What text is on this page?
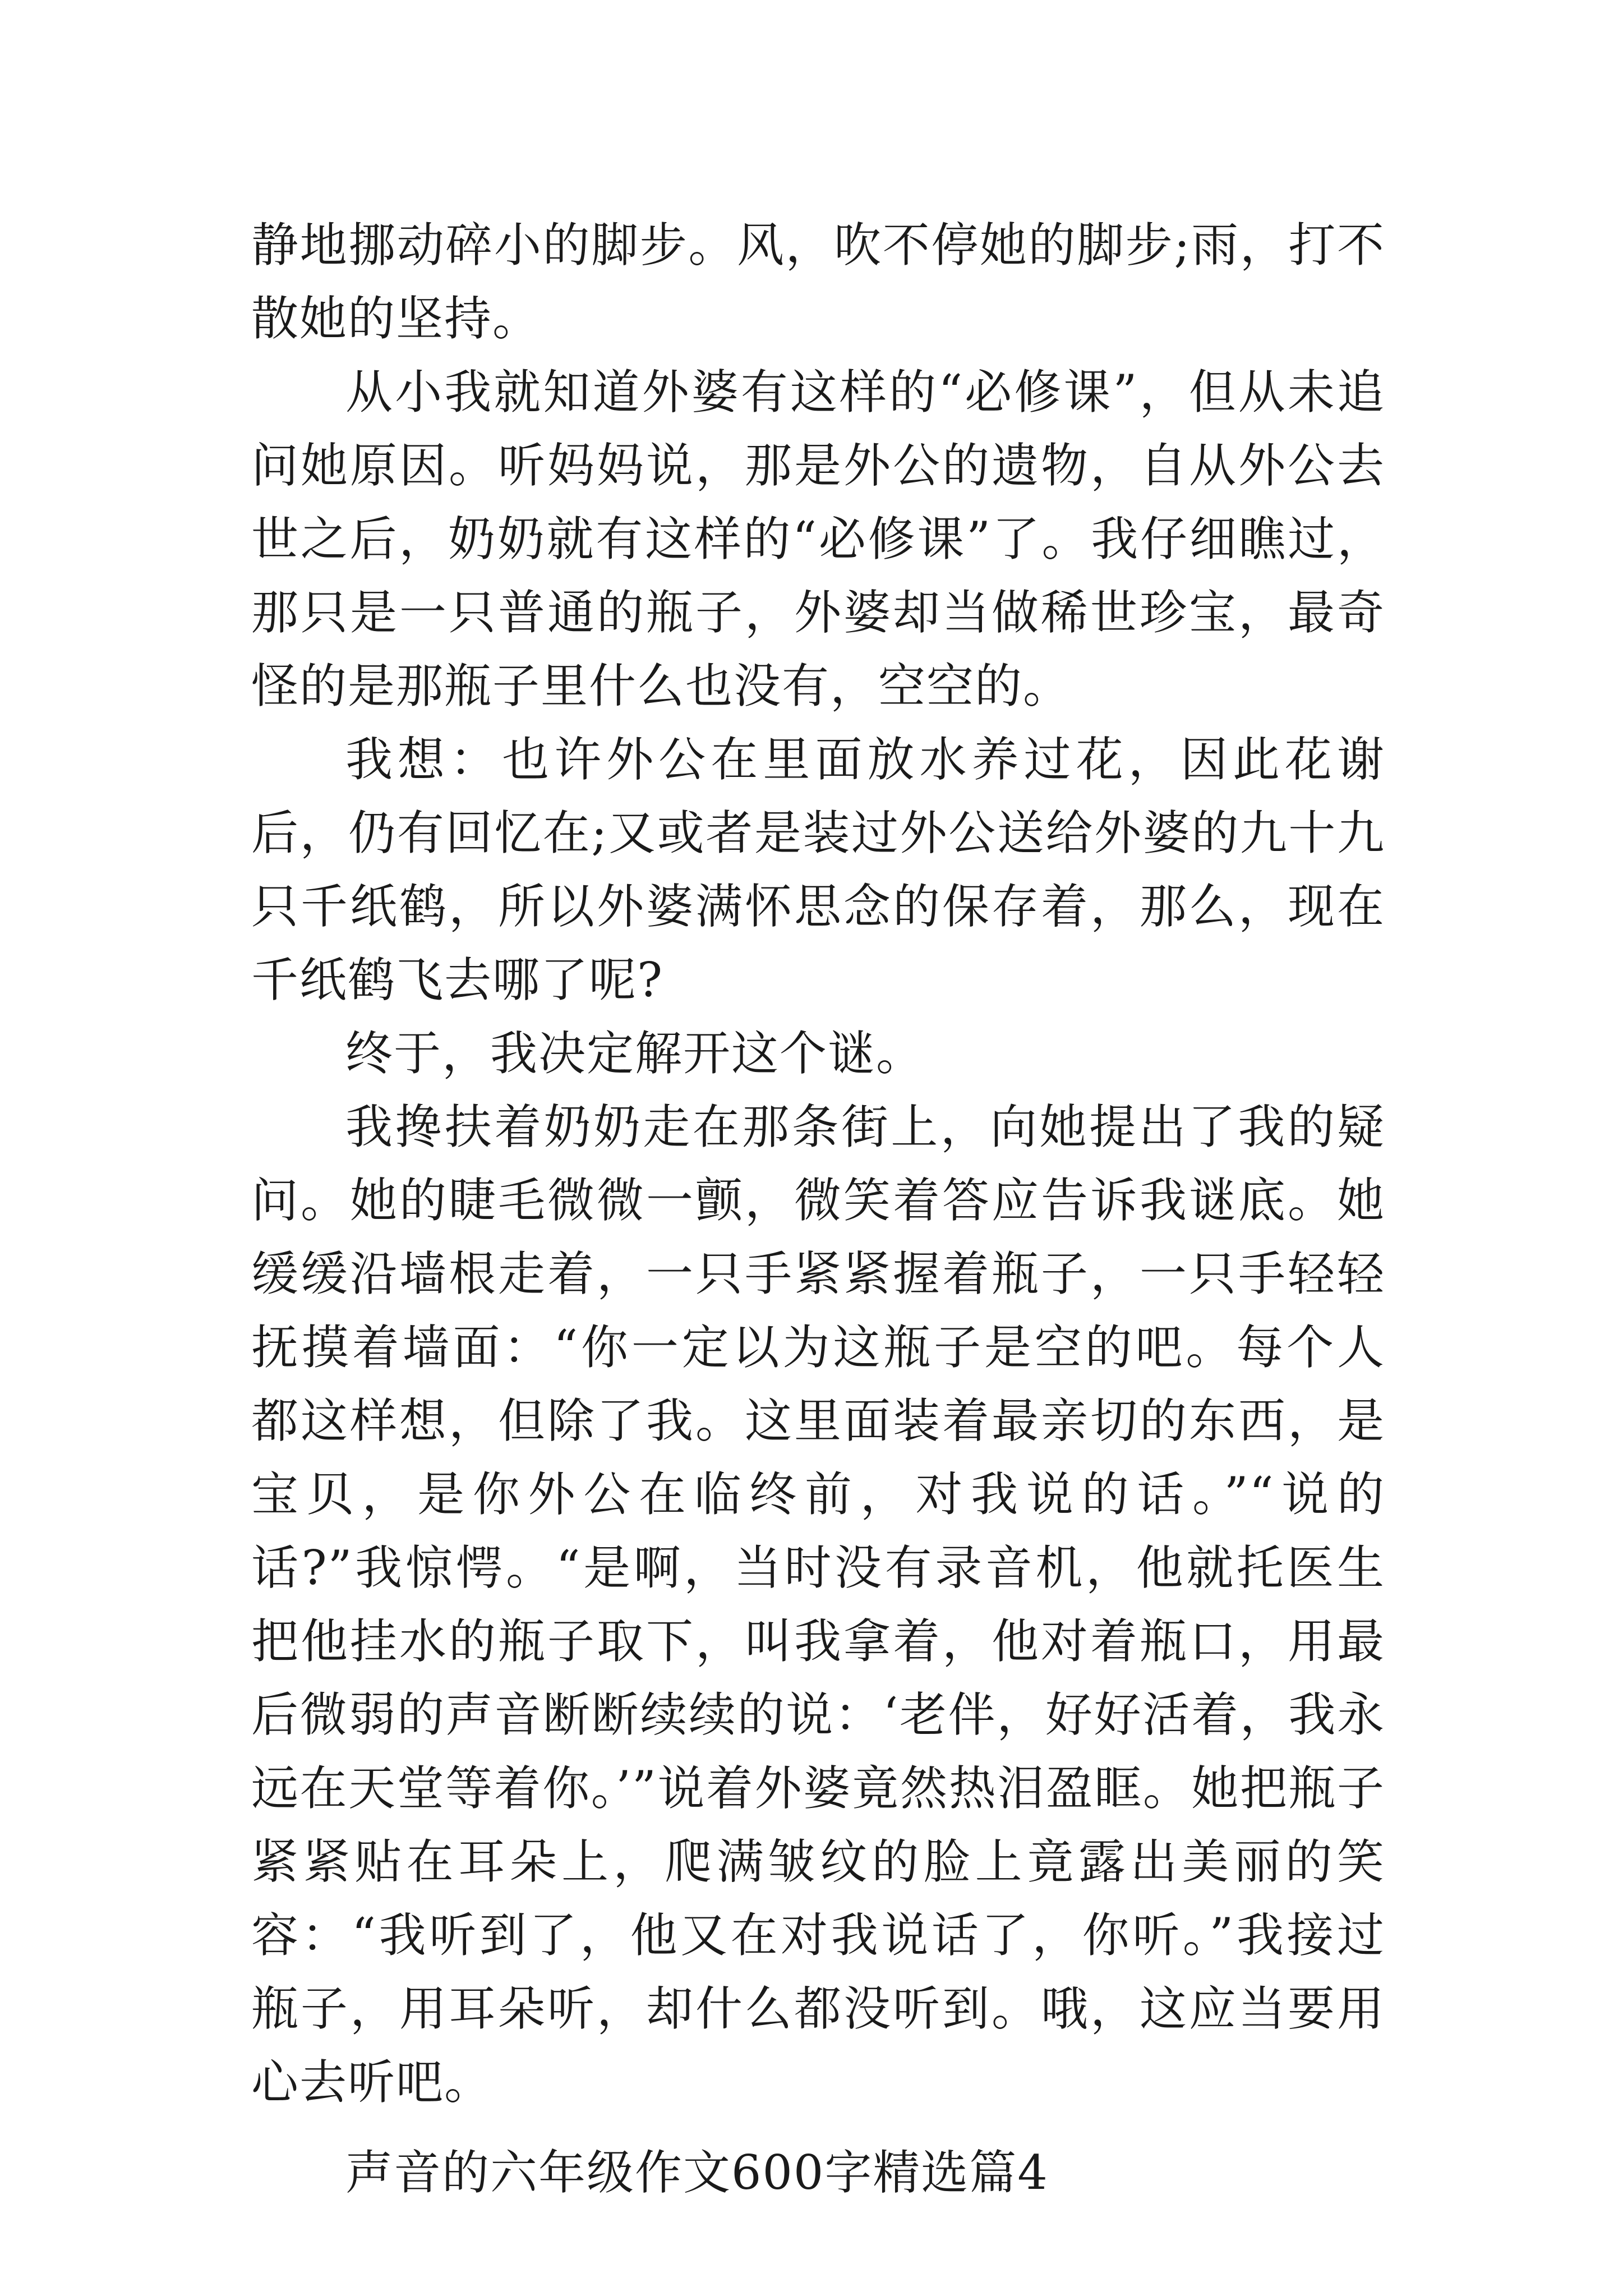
静地挪动碎小的脚步。风，吹不停她的脚步;雨，打不散她的坚持。

从小我就知道外婆有这样的“必修课”，但从未追问她原因。听妈妈说，那是外公的遗物，自从外公去世之后，奶奶就有这样的“必修课”了。我仔细瞧过，那只是一只普通的瓶子，外婆却当做稀世珍宝，最奇怪的是那瓶子里什么也没有，空空的。

我想：也许外公在里面放水养过花，因此花谢后，仍有回忆在;又或者是装过外公送给外婆的九十九只千纸鹤，所以外婆满怀思念的保存着，那么，现在千纸鹤飞去哪了呢?

终于，我决定解开这个谜。

我搀扶着奶奶走在那条街上，向她提出了我的疑问。她的睫毛微微一颤，微笑着答应告诉我谜底。她缓缓沿墙根走着，一只手紧紧握着瓶子，一只手轻轻抚摸着墙面：“你一定以为这瓶子是空的吧。每个人都这样想，但除了我。这里面装着最亲切的东西，是宝贝，是你外公在临终前，对我说的话。”“说的话?”我惊愕。“是啊，当时没有录音机，他就托医生把他挂水的瓶子取下，叫我拿着，他对着瓶口，用最后微弱的声音断断续续的说：‘老伴，好好活着，我永远在天堂等着你。’”说着外婆竟然热泪盈眶。她把瓶子紧紧贴在耳朵上，爬满皱纹的脸上竟露出美丽的笑容：“我听到了，他又在对我说话了，你听。”我接过瓶子，用耳朵听，却什么都没听到。哦，这应当要用心去听吧。

声音的六年级作文600字精选篇4
